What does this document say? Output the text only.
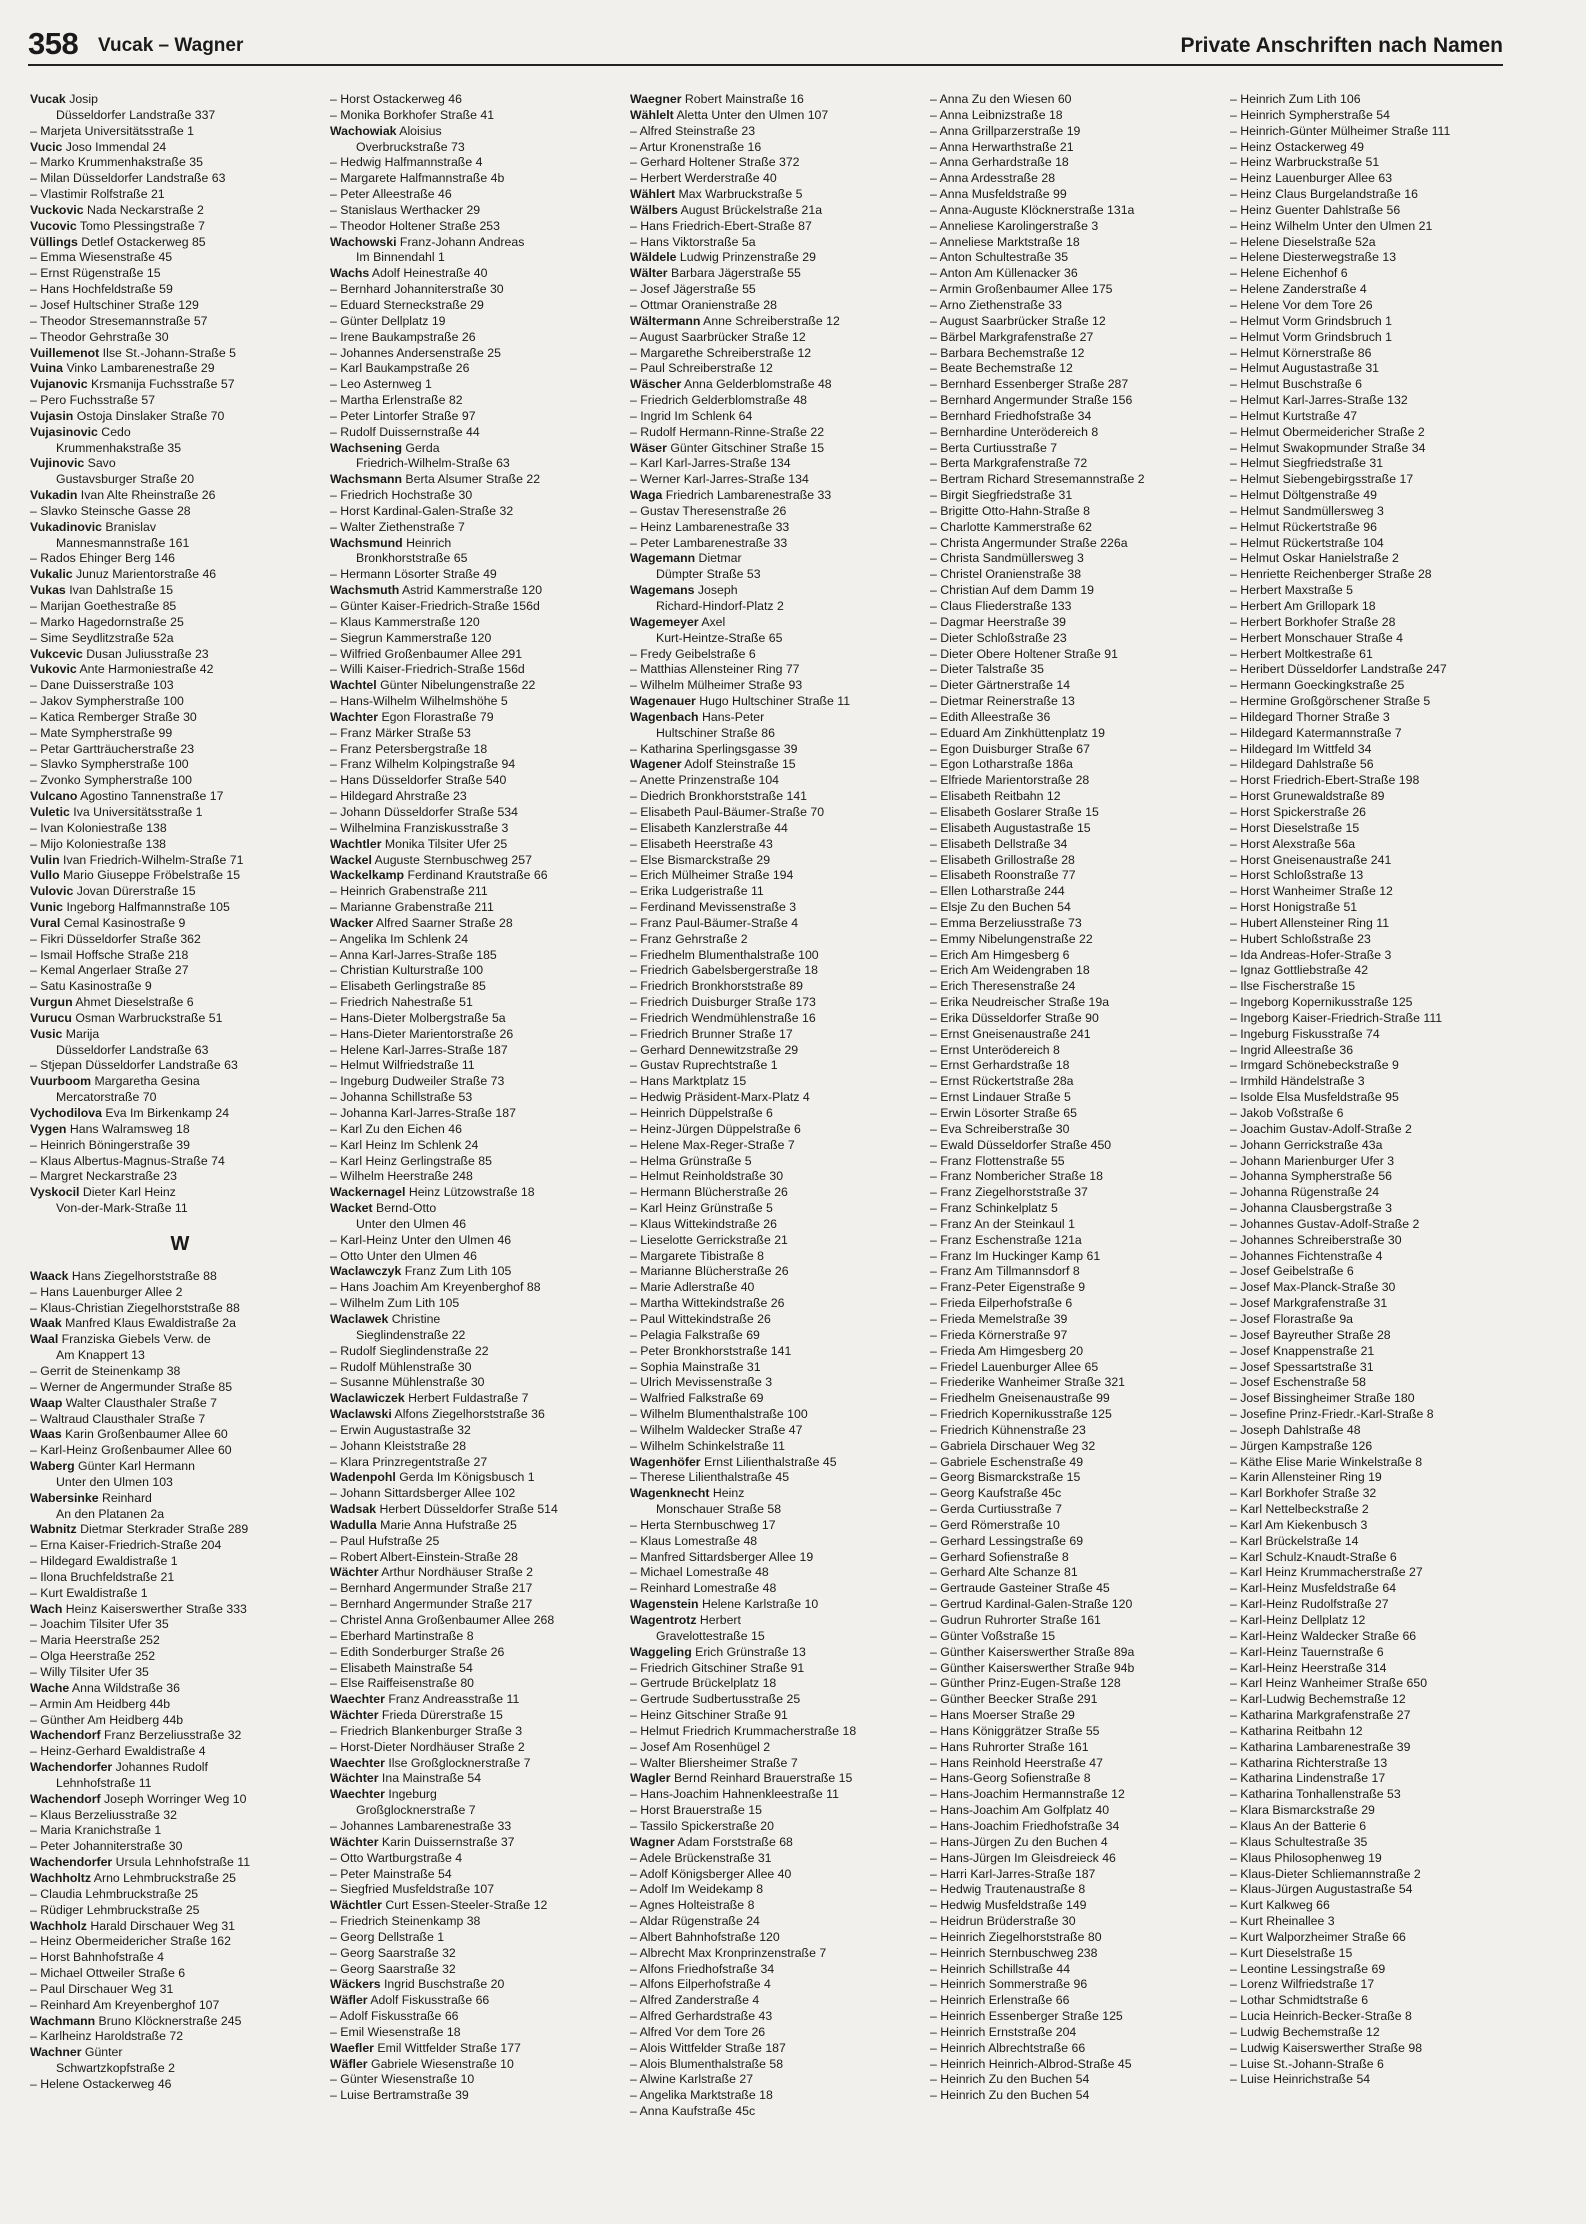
358 Vucak – Wagner	Private Anschriften nach Namen
Vucak Josip
Düsseldorfer Landstraße 337
– Marjeta Universitätsstraße 1
Vucic Joso Immendal 24
– Marko Krummenhakstraße 35
– Milan Düsseldorfer Landstraße 63
– Vlastimir Rolfstraße 21
Vuckovic Nada Neckarstraße 2
Vucovic Tomo Plessingstraße 7
Vüllings Detlef Ostackerweg 85
– Emma Wiesenstraße 45
– Ernst Rügenstraße 15
– Hans Hochfeldstraße 59
– Josef Hultschiner Straße 129
– Theodor Stresemannstraße 57
– Theodor Gehrstraße 30
Vuillemenot Ilse St.-Johann-Straße 5
Vuina Vinko Lambarenestraße 29
Vujanovic Krsmanija Fuchsstraße 57
– Pero Fuchsstraße 57
Vujasin Ostoja Dinslaker Straße 70
Vujasinovic Cedo
Krummenhakstraße 35
Vujinovic Savo
Gustavsburger Straße 20
Vukadin Ivan Alte Rheinstraße 26
– Slavko Steinsche Gasse 28
Vukadinovic Branislav
Mannesmannstraße 161
– Rados Ehinger Berg 146
Vukalic Junuz Marientorstraße 46
Vukas Ivan Dahlstraße 15
– Marijan Goethestraße 85
– Marko Hagedornstraße 25
– Sime Seydlitzstraße 52a
Vukcevic Dusan Juliusstraße 23
Vukovic Ante Harmoniestraße 42
– Dane Duisserstraße 103
– Jakov Sympherstraße 100
– Katica Remberger Straße 30
– Mate Sympherstraße 99
– Petar Gartträucherstraße 23
– Slavko Sympherstraße 100
– Zvonko Sympherstraße 100
Vulcano Agostino Tannenstraße 17
Vuletic Iva Universitätsstraße 1
– Ivan Koloniestraße 138
– Mijo Koloniestraße 138
Vulin Ivan Friedrich-Wilhelm-Straße 71
Vullo Mario Giuseppe Fröbelstraße 15
Vulovic Jovan Dürerstraße 15
Vunic Ingeborg Halfmannstraße 105
Vural Cemal Kasinostraße 9
– Fikri Düsseldorfer Straße 362
– Ismail Hoffsche Straße 218
– Kemal Angerlaer Straße 27
– Satu Kasinostraße 9
Vurgun Ahmet Dieselstraße 6
Vurucu Osman Warbruckstraße 51
Vusic Marija
Düsseldorfer Landstraße 63
– Stjepan Düsseldorfer Landstraße 63
Vuurboom Margaretha Gesina
Mercatorstraße 70
Vychodilova Eva Im Birkenkamp 24
Vygen Hans Walramsweg 18
– Heinrich Böningerstraße 39
– Klaus Albertus-Magnus-Straße 74
– Margret Neckarstraße 23
Vyskocil Dieter Karl Heinz
Von-der-Mark-Straße 11
W
Waack Hans Ziegelhorststraße 88
– Hans Lauenburger Allee 2
– Klaus-Christian Ziegelhorststraße 88
Waak Manfred Klaus Ewaldistraße 2a
Waal Franziska Giebels Verw. de
Am Knappert 13
– Gerrit de Steinenkamp 38
– Werner de Angermunder Straße 85
Waap Walter Clausthaler Straße 7
– Waltraud Clausthaler Straße 7
Waas Karin Großenbaumer Allee 60
– Karl-Heinz Großenbaumer Allee 60
Waberg Günter Karl Hermann
Unter den Ulmen 103
Wabersinke Reinhard
An den Platanen 2a
Wabnitz Dietmar Sterkrader Straße 289
– Erna Kaiser-Friedrich-Straße 204
– Hildegard Ewaldistraße 1
– Ilona Bruchfeldstraße 21
– Kurt Ewaldistraße 1
Wach Heinz Kaiserswerther Straße 333
– Joachim Tilsiter Ufer 35
– Maria Heerstraße 252
– Olga Heerstraße 252
– Willy Tilsiter Ufer 35
Wache Anna Wildstraße 36
– Armin Am Heidberg 44b
– Günther Am Heidberg 44b
Wachendorf Franz Berzeliusstraße 32
– Heinz-Gerhard Ewaldistraße 4
Wachendorfer Johannes Rudolf
Lehnhofstraße 11
Wachendorf Joseph Worringer Weg 10
– Klaus Berzeliusstraße 32
– Maria Kranichstraße 1
– Peter Johanniterstraße 30
Wachendorfer Ursula Lehnhofstraße 11
Wachholtz Arno Lehmbruckstraße 25
– Claudia Lehmbruckstraße 25
– Rüdiger Lehmbruckstraße 25
Wachholz Harald Dirschauer Weg 31
– Heinz Obermeidericher Straße 162
– Horst Bahnhofstraße 4
– Michael Ottweiler Straße 6
– Paul Dirschauer Weg 31
– Reinhard Am Kreyenberghof 107
Wachmann Bruno Klöcknerstraße 245
– Karlheinz Haroldstraße 72
Wachner Günter
Schwartzkopfstraße 2
– Helene Ostackerweg 46
– Horst Ostackerweg 46
– Monika Borkhofer Straße 41
Wachowiak Aloisius
Overbruckstraße 73
– Hedwig Halfmannstraße 4
– Margarete Halfmannstraße 4b
– Peter Alleestraße 46
– Stanislaus Werthacker 29
– Theodor Holtener Straße 253
Wachowski Franz-Johann Andreas
Im Binnendahl 1
Wachs Adolf Heinestraße 40
– Bernhard Johanniterstraße 30
– Eduard Sterneckstraße 29
– Günter Dellplatz 19
– Irene Baukampstraße 26
– Johannes Andersenstraße 25
– Karl Baukampstraße 26
– Leo Asternweg 1
– Martha Erlenstraße 82
– Peter Lintorfer Straße 97
– Rudolf Duissernstraße 44
Wachsening Gerda
Friedrich-Wilhelm-Straße 63
Wachsmann Berta Alsumer Straße 22
– Friedrich Hochstraße 30
– Horst Kardinal-Galen-Straße 32
– Walter Ziethenstraße 7
Wachsmund Heinrich
Bronkhorststraße 65
– Hermann Lösorter Straße 49
Wachsmuth Astrid Kammerstraße 120
– Günter Kaiser-Friedrich-Straße 156d
– Klaus Kammerstraße 120
– Siegrun Kammerstraße 120
– Wilfried Großenbaumer Allee 291
– Willi Kaiser-Friedrich-Straße 156d
Wachtel Günter Nibelungenstraße 22
– Hans-Wilhelm Wilhelmshöhe 5
Wachter Egon Florastraße 79
– Franz Märker Straße 53
– Franz Petersbergstraße 18
– Franz Wilhelm Kolpingstraße 94
– Hans Düsseldorfer Straße 540
– Hildegard Ahrstraße 23
– Johann Düsseldorfer Straße 534
– Wilhelmina Franziskusstraße 3
Wachtler Monika Tilsiter Ufer 25
Wackel Auguste Sternbuschweg 257
Wackelkamp Ferdinand Krautstraße 66
– Heinrich Grabenstraße 211
– Marianne Grabenstraße 211
Wacker Alfred Saarner Straße 28
– Angelika Im Schlenk 24
– Anna Karl-Jarres-Straße 185
– Christian Kulturstraße 100
– Elisabeth Gerlingstraße 85
– Friedrich Nahestraße 51
– Hans-Dieter Molbergstraße 5a
– Hans-Dieter Marientorstraße 26
– Helene Karl-Jarres-Straße 187
– Helmut Wilfriedstraße 11
– Ingeburg Dudweiler Straße 73
– Johanna Schillstraße 53
– Johanna Karl-Jarres-Straße 187
– Karl Zu den Eichen 46
– Karl Heinz Im Schlenk 24
– Karl Heinz Gerlingstraße 85
– Wilhelm Heerstraße 248
Wackernagel Heinz Lützowstraße 18
Wacket Bernd-Otto
Unter den Ulmen 46
– Karl-Heinz Unter den Ulmen 46
– Otto Unter den Ulmen 46
Waclawczyk Franz Zum Lith 105
– Hans Joachim Am Kreyenberghof 88
– Wilhelm Zum Lith 105
Waclawek Christine
Sieglindenstraße 22
– Rudolf Sieglindenstraße 22
– Rudolf Mühlenstraße 30
– Susanne Mühlenstraße 30
Waclawiczek Herbert Fuldastraße 7
Waclawski Alfons Ziegelhorststraße 36
– Erwin Augustastraße 32
– Johann Kleiststraße 28
– Klara Prinzregentstraße 27
Wadenpohl Gerda Im Königsbusch 1
– Johann Sittardsberger Allee 102
Wadsak Herbert Düsseldorfer Straße 514
Wadulla Marie Anna Hufstraße 25
– Paul Hufstraße 25
– Robert Albert-Einstein-Straße 28
Wächter Arthur Nordhäuser Straße 2
– Bernhard Angermunder Straße 217
– Bernhard Angermunder Straße 217
– Christel Anna Großenbaumer Allee 268
– Eberhard Martinstraße 8
– Edith Sonderburger Straße 26
– Elisabeth Mainstraße 54
– Else Raiffeisenstraße 80
Waechter Franz Andreasstraße 11
Wächter Frieda Dürerstraße 15
– Friedrich Blankenburger Straße 3
– Horst-Dieter Nordhäuser Straße 2
Waechter Ilse Großglocknerstraße 7
Wächter Ina Mainstraße 54
Waechter Ingeburg
Großglocknerstraße 7
– Johannes Lambarenestraße 33
Wächter Karin Duissernstraße 37
– Otto Wartburgstraße 4
– Peter Mainstraße 54
– Siegfried Musfeldstraße 107
Wächtler Curt Essen-Steeler-Straße 12
– Friedrich Steinenkamp 38
– Georg Dellstraße 1
– Georg Saarstraße 32
– Georg Saarstraße 32
Wäckers Ingrid Buschstraße 20
Wäfler Adolf Fiskusstraße 66
– Adolf Fiskusstraße 66
– Emil Wiesenstraße 18
Waefler Emil Wittfelder Straße 177
Wäfler Gabriele Wiesenstraße 10
– Günter Wiesenstraße 10
– Luise Bertramstraße 39
Waegner Robert Mainstraße 16
Wählelt Aletta Unter den Ulmen 107
– Alfred Steinstraße 23
– Artur Kronenstraße 16
– Gerhard Holtener Straße 372
– Herbert Werderstraße 40
Wählert Max Warbruckstraße 5
Wälbers August Brückelstraße 21a
– Hans Friedrich-Ebert-Straße 87
– Hans Viktorstraße 5a
Wäldele Ludwig Prinzenstraße 29
Wälter Barbara Jägerstraße 55
– Josef Jägerstraße 55
– Ottmar Oranienstraße 28
Wältermann Anne Schreiberstraße 12
– August Saarbrücker Straße 12
– Margarethe Schreiberstraße 12
– Paul Schreiberstraße 12
Wäscher Anna Gelderblomstraße 48
– Friedrich Gelderblomstraße 48
– Ingrid Im Schlenk 64
– Rudolf Hermann-Rinne-Straße 22
Wäser Günter Gitschiner Straße 15
– Karl Karl-Jarres-Straße 134
– Werner Karl-Jarres-Straße 134
Waga Friedrich Lambarenestraße 33
– Gustav Theresenstraße 26
– Heinz Lambarenestraße 33
– Peter Lambarenestraße 33
Wagemann Dietmar
Dümpter Straße 53
Wagemans Joseph
Richard-Hindorf-Platz 2
Wagemeyer Axel
Kurt-Heintze-Straße 65
– Fredy Geibelstraße 6
– Matthias Allensteiner Ring 77
– Wilhelm Mülheimer Straße 93
Wagenauer Hugo Hultschiner Straße 11
Wagenbach Hans-Peter
Hultschiner Straße 86
– Katharina Sperlingsgasse 39
Wagener Adolf Steinstraße 15
– Anette Prinzenstraße 104
– Diedrich Bronkhorststraße 141
– Elisabeth Paul-Bäumer-Straße 70
– Elisabeth Kanzlerstraße 44
– Elisabeth Heerstraße 43
– Else Bismarckstraße 29
– Erich Mülheimer Straße 194
– Erika Ludgeristraße 11
– Ferdinand Mevissenstraße 3
– Franz Paul-Bäumer-Straße 4
– Franz Gehrstraße 2
– Friedhelm Blumenthalstraße 100
– Friedrich Gabelsbergerstraße 18
– Friedrich Bronkhorststraße 89
– Friedrich Duisburger Straße 173
– Friedrich Wendmühlenstraße 16
– Friedrich Brunner Straße 17
– Gerhard Dennewitzstraße 29
– Gustav Ruprechtstraße 1
– Hans Marktplatz 15
– Hedwig Präsident-Marx-Platz 4
– Heinrich Düppelstraße 6
– Heinz-Jürgen Düppelstraße 6
– Helene Max-Reger-Straße 7
– Helma Grünstraße 5
– Helmut Reinholdstraße 30
– Hermann Blücherstraße 26
– Karl Heinz Grünstraße 5
– Klaus Wittekindstraße 26
– Lieselotte Gerrickstraße 21
– Margarete Tibistraße 8
– Marianne Blücherstraße 26
– Marie Adlerstraße 40
– Martha Wittekindstraße 26
– Paul Wittekindstraße 26
– Pelagia Falkstraße 69
– Peter Bronkhorststraße 141
– Sophia Mainstraße 31
– Ulrich Mevissenstraße 3
– Walfried Falkstraße 69
– Wilhelm Blumenthalstraße 100
– Wilhelm Waldecker Straße 47
– Wilhelm Schinkelstraße 11
Wagenhöfer Ernst Lilienthalstraße 45
– Therese Lilienthalstraße 45
Wagenknecht Heinz
Monschauer Straße 58
– Herta Sternbuschweg 17
– Klaus Lomestraße 48
– Manfred Sittardsberger Allee 19
– Michael Lomestraße 48
– Reinhard Lomestraße 48
Wagenstein Helene Karlstraße 10
Wagentrotz Herbert
Gravelottestraße 15
Waggeling Erich Grünstraße 13
– Friedrich Gitschiner Straße 91
– Gertrude Brückelplatz 18
– Gertrude Sudbertusstraße 25
– Heinz Gitschiner Straße 91
– Helmut Friedrich Krummacherstraße 18
– Josef Am Rosenhügel 2
– Walter Bliersheimer Straße 7
Wagler Bernd Reinhard Brauerstraße 15
– Hans-Joachim Hahnenkleestraße 11
– Horst Brauerstraße 15
– Tassilo Spickerstraße 20
Wagner Adam Forststraße 68
– Adele Brückenstraße 31
– Adolf Königsberger Allee 40
– Adolf Im Weidekamp 8
– Agnes Holteistraße 8
– Aldar Rügenstraße 24
– Albert Bahnhofstraße 120
– Albrecht Max Kronprinzenstraße 7
– Alfons Friedhofstraße 34
– Alfons Eilperhofstraße 4
– Alfred Zanderstraße 4
– Alfred Gerhardstraße 43
– Alfred Vor dem Tore 26
– Alois Wittfelder Straße 187
– Alois Blumenthalstraße 58
– Alwine Karlstraße 27
– Angelika Marktstraße 18
– Anna Kaufstraße 45c
– Anna Zu den Wiesen 60
– Anna Leibnizstraße 18
– Anna Grillparzerstraße 19
– Anna Herwarthstraße 21
– Anna Gerhardstraße 18
– Anna Ardesstraße 28
– Anna Musfeldstraße 99
– Anna-Auguste Klöcknerstraße 131a
– Anneliese Karolingerstraße 3
– Anneliese Marktstraße 18
– Anton Schultestraße 35
– Anton Am Küllenacker 36
– Armin Großenbaumer Allee 175
– Arno Ziethenstraße 33
– August Saarbrücker Straße 12
– Bärbel Markgrafenstraße 27
– Barbara Bechemstraße 12
– Beate Bechemstraße 12
– Bernhard Essenberger Straße 287
– Bernhard Angermunder Straße 156
– Bernhard Friedhofstraße 34
– Bernhardine Unterödereich 8
– Berta Curtiusstraße 7
– Berta Markgrafenstraße 72
– Bertram Richard Stresemannstraße 2
– Birgit Siegfriedstraße 31
– Brigitte Otto-Hahn-Straße 8
– Charlotte Kammerstraße 62
– Christa Angermunder Straße 226a
– Christa Sandmüllersweg 3
– Christel Oranienstraße 38
– Christian Auf dem Damm 19
– Claus Fliederstraße 133
– Dagmar Heerstraße 39
– Dieter Schloßstraße 23
– Dieter Obere Holtener Straße 91
– Dieter Talstraße 35
– Dieter Gärtnerstraße 14
– Dietmar Reinerstraße 13
– Edith Alleestraße 36
– Eduard Am Zinkhüttenplatz 19
– Egon Duisburger Straße 67
– Egon Lotharstraße 186a
– Elfriede Marientorstraße 28
– Elisabeth Reitbahn 12
– Elisabeth Goslarer Straße 15
– Elisabeth Augustastraße 15
– Elisabeth Dellstraße 34
– Elisabeth Grillostraße 28
– Elisabeth Roonstraße 77
– Ellen Lotharstraße 244
– Elsje Zu den Buchen 54
– Emma Berzeliusstraße 73
– Emmy Nibelungenstraße 22
– Erich Am Himgesberg 6
– Erich Am Weidengraben 18
– Erich Theresenstraße 24
– Erika Neudreischer Straße 19a
– Erika Düsseldorfer Straße 90
– Ernst Gneisenaustraße 241
– Ernst Unterödereich 8
– Ernst Gerhardstraße 18
– Ernst Rückertstraße 28a
– Ernst Lindauer Straße 5
– Erwin Lösorter Straße 65
– Eva Schreiberstraße 30
– Ewald Düsseldorfer Straße 450
– Franz Flottenstraße 55
– Franz Nombericher Straße 18
– Franz Ziegelhorststraße 37
– Franz Schinkelplatz 5
– Franz An der Steinkaul 1
– Franz Eschenstraße 121a
– Franz Im Huckinger Kamp 61
– Franz Am Tillmannsdorf 8
– Franz-Peter Eigenstraße 9
– Frieda Eilperhofstraße 6
– Frieda Memelstraße 39
– Frieda Körnerstraße 97
– Frieda Am Himgesberg 20
– Friedel Lauenburger Allee 65
– Friederike Wanheimer Straße 321
– Friedhelm Gneisenaustraße 99
– Friedrich Kopernikusstraße 125
– Friedrich Kühnenstraße 23
– Gabriela Dirschauer Weg 32
– Gabriele Eschenstraße 49
– Georg Bismarckstraße 15
– Georg Kaufstraße 45c
– Gerda Curtiusstraße 7
– Gerd Römerstraße 10
– Gerhard Lessingstraße 69
– Gerhard Sofienstraße 8
– Gerhard Alte Schanze 81
– Gertraude Gasteiner Straße 45
– Gertrud Kardinal-Galen-Straße 120
– Gudrun Ruhrorter Straße 161
– Günter Voßstraße 15
– Günther Kaiserswerther Straße 89a
– Günther Kaiserswerther Straße 94b
– Günther Prinz-Eugen-Straße 128
– Günther Beecker Straße 291
– Hans Moerser Straße 29
– Hans Königgrätzer Straße 55
– Hans Ruhrorter Straße 161
– Hans Reinhold Heerstraße 47
– Hans-Georg Sofienstraße 8
– Hans-Joachim Hermannstraße 12
– Hans-Joachim Am Golfplatz 40
– Hans-Joachim Friedhofstraße 34
– Hans-Jürgen Zu den Buchen 4
– Hans-Jürgen Im Gleisdreieck 46
– Harri Karl-Jarres-Straße 187
– Hedwig Trautenaustraße 8
– Hedwig Musfeldstraße 149
– Heidrun Brüderstraße 30
– Heinrich Ziegelhorststraße 80
– Heinrich Sternbuschweg 238
– Heinrich Schillstraße 44
– Heinrich Sommerstraße 96
– Heinrich Erlenstraße 66
– Heinrich Essenberger Straße 125
– Heinrich Ernststraße 204
– Heinrich Albrechtstraße 66
– Heinrich Heinrich-Albrod-Straße 45
– Heinrich Zu den Buchen 54
– Heinrich Zu den Buchen 54
– Heinrich Zum Lith 106
– Heinrich Sympherstraße 54
– Heinrich-Günter Mülheimer Straße 111
– Heinz Ostackerweg 49
– Heinz Warbruckstraße 51
– Heinz Lauenburger Allee 63
– Heinz Claus Burgelandstraße 16
– Heinz Guenter Dahlstraße 56
– Heinz Wilhelm Unter den Ulmen 21
– Helene Dieselstraße 52a
– Helene Diesterwegstraße 13
– Helene Eichenhof 6
– Helene Zanderstraße 4
– Helene Vor dem Tore 26
– Helmut Vorm Grindsbruch 1
– Helmut Vorm Grindsbruch 1
– Helmut Körnerstraße 86
– Helmut Augustastraße 31
– Helmut Buschstraße 6
– Helmut Karl-Jarres-Straße 132
– Helmut Kurtstraße 47
– Helmut Obermeidericher Straße 2
– Helmut Swakopmunder Straße 34
– Helmut Siegfriedstraße 31
– Helmut Siebengebirgsstraße 17
– Helmut Döltgenstraße 49
– Helmut Sandmüllersweg 3
– Helmut Rückertstraße 96
– Helmut Rückertstraße 104
– Helmut Oskar Hanielstraße 2
– Henriette Reichenberger Straße 28
– Herbert Maxstraße 5
– Herbert Am Grillopark 18
– Herbert Borkhofer Straße 28
– Herbert Monschauer Straße 4
– Herbert Moltkestraße 61
– Heribert Düsseldorfer Landstraße 247
– Hermann Goeckingkstraße 25
– Hermine Großgörschener Straße 5
– Hildegard Thorner Straße 3
– Hildegard Katermannstraße 7
– Hildegard Im Wittfeld 34
– Hildegard Dahlstraße 56
– Horst Friedrich-Ebert-Straße 198
– Horst Grunewaldstraße 89
– Horst Spickerstraße 26
– Horst Dieselstraße 15
– Horst Alexstraße 56a
– Horst Gneisenaustraße 241
– Horst Schloßstraße 13
– Horst Wanheimer Straße 12
– Horst Honigstraße 51
– Hubert Allensteiner Ring 11
– Hubert Schloßstraße 23
– Ida Andreas-Hofer-Straße 3
– Ignaz Gottliebstraße 42
– Ilse Fischerstraße 15
– Ingeborg Kopernikusstraße 125
– Ingeborg Kaiser-Friedrich-Straße 111
– Ingeburg Fiskusstraße 74
– Ingrid Alleestraße 36
– Irmgard Schönebeckstraße 9
– Irmhild Händelstraße 3
– Isolde Elsa Musfeldstraße 95
– Jakob Voßstraße 6
– Joachim Gustav-Adolf-Straße 2
– Johann Gerrickstraße 43a
– Johann Marienburger Ufer 3
– Johanna Sympherstraße 56
– Johanna Rügenstraße 24
– Johanna Clausbergstraße 3
– Johannes Gustav-Adolf-Straße 2
– Johannes Schreiberstraße 30
– Johannes Fichtenstraße 4
– Josef Geibelstraße 6
– Josef Max-Planck-Straße 30
– Josef Markgrafenstraße 31
– Josef Florastraße 9a
– Josef Bayreuther Straße 28
– Josef Knappenstraße 21
– Josef Spessartstraße 31
– Josef Eschenstraße 58
– Josef Bissingheimer Straße 180
– Josefine Prinz-Friedr.-Karl-Straße 8
– Joseph Dahlstraße 48
– Jürgen Kampstraße 126
– Käthe Elise Marie Winkelstraße 8
– Karin Allensteiner Ring 19
– Karl Borkhofer Straße 32
– Karl Nettelbeckstraße 2
– Karl Am Kiekenbusch 3
– Karl Brückelstraße 14
– Karl Schulz-Knaudt-Straße 6
– Karl Heinz Krummacherstraße 27
– Karl-Heinz Musfeldstraße 64
– Karl-Heinz Rudolfstraße 27
– Karl-Heinz Dellplatz 12
– Karl-Heinz Waldecker Straße 66
– Karl-Heinz Tauernstraße 6
– Karl-Heinz Heerstraße 314
– Karl Heinz Wanheimer Straße 650
– Karl-Ludwig Bechemstraße 12
– Katharina Markgrafenstraße 27
– Katharina Reitbahn 12
– Katharina Lambarenestraße 39
– Katharina Richterstraße 13
– Katharina Lindenstraße 17
– Katharina Tonhallenstraße 53
– Klara Bismarckstraße 29
– Klaus An der Batterie 6
– Klaus Schultestraße 35
– Klaus Philosophenweg 19
– Klaus-Dieter Schliemannstraße 2
– Klaus-Jürgen Augustastraße 54
– Kurt Kalkweg 66
– Kurt Rheinallee 3
– Kurt Walporzheimer Straße 66
– Kurt Dieselstraße 15
– Leontine Lessingstraße 69
– Lorenz Wilfriedstraße 17
– Lothar Schmidtstraße 6
– Lucia Heinrich-Becker-Straße 8
– Ludwig Bechemstraße 12
– Ludwig Kaiserswerther Straße 98
– Luise St.-Johann-Straße 6
– Luise Heinrichstraße 54
